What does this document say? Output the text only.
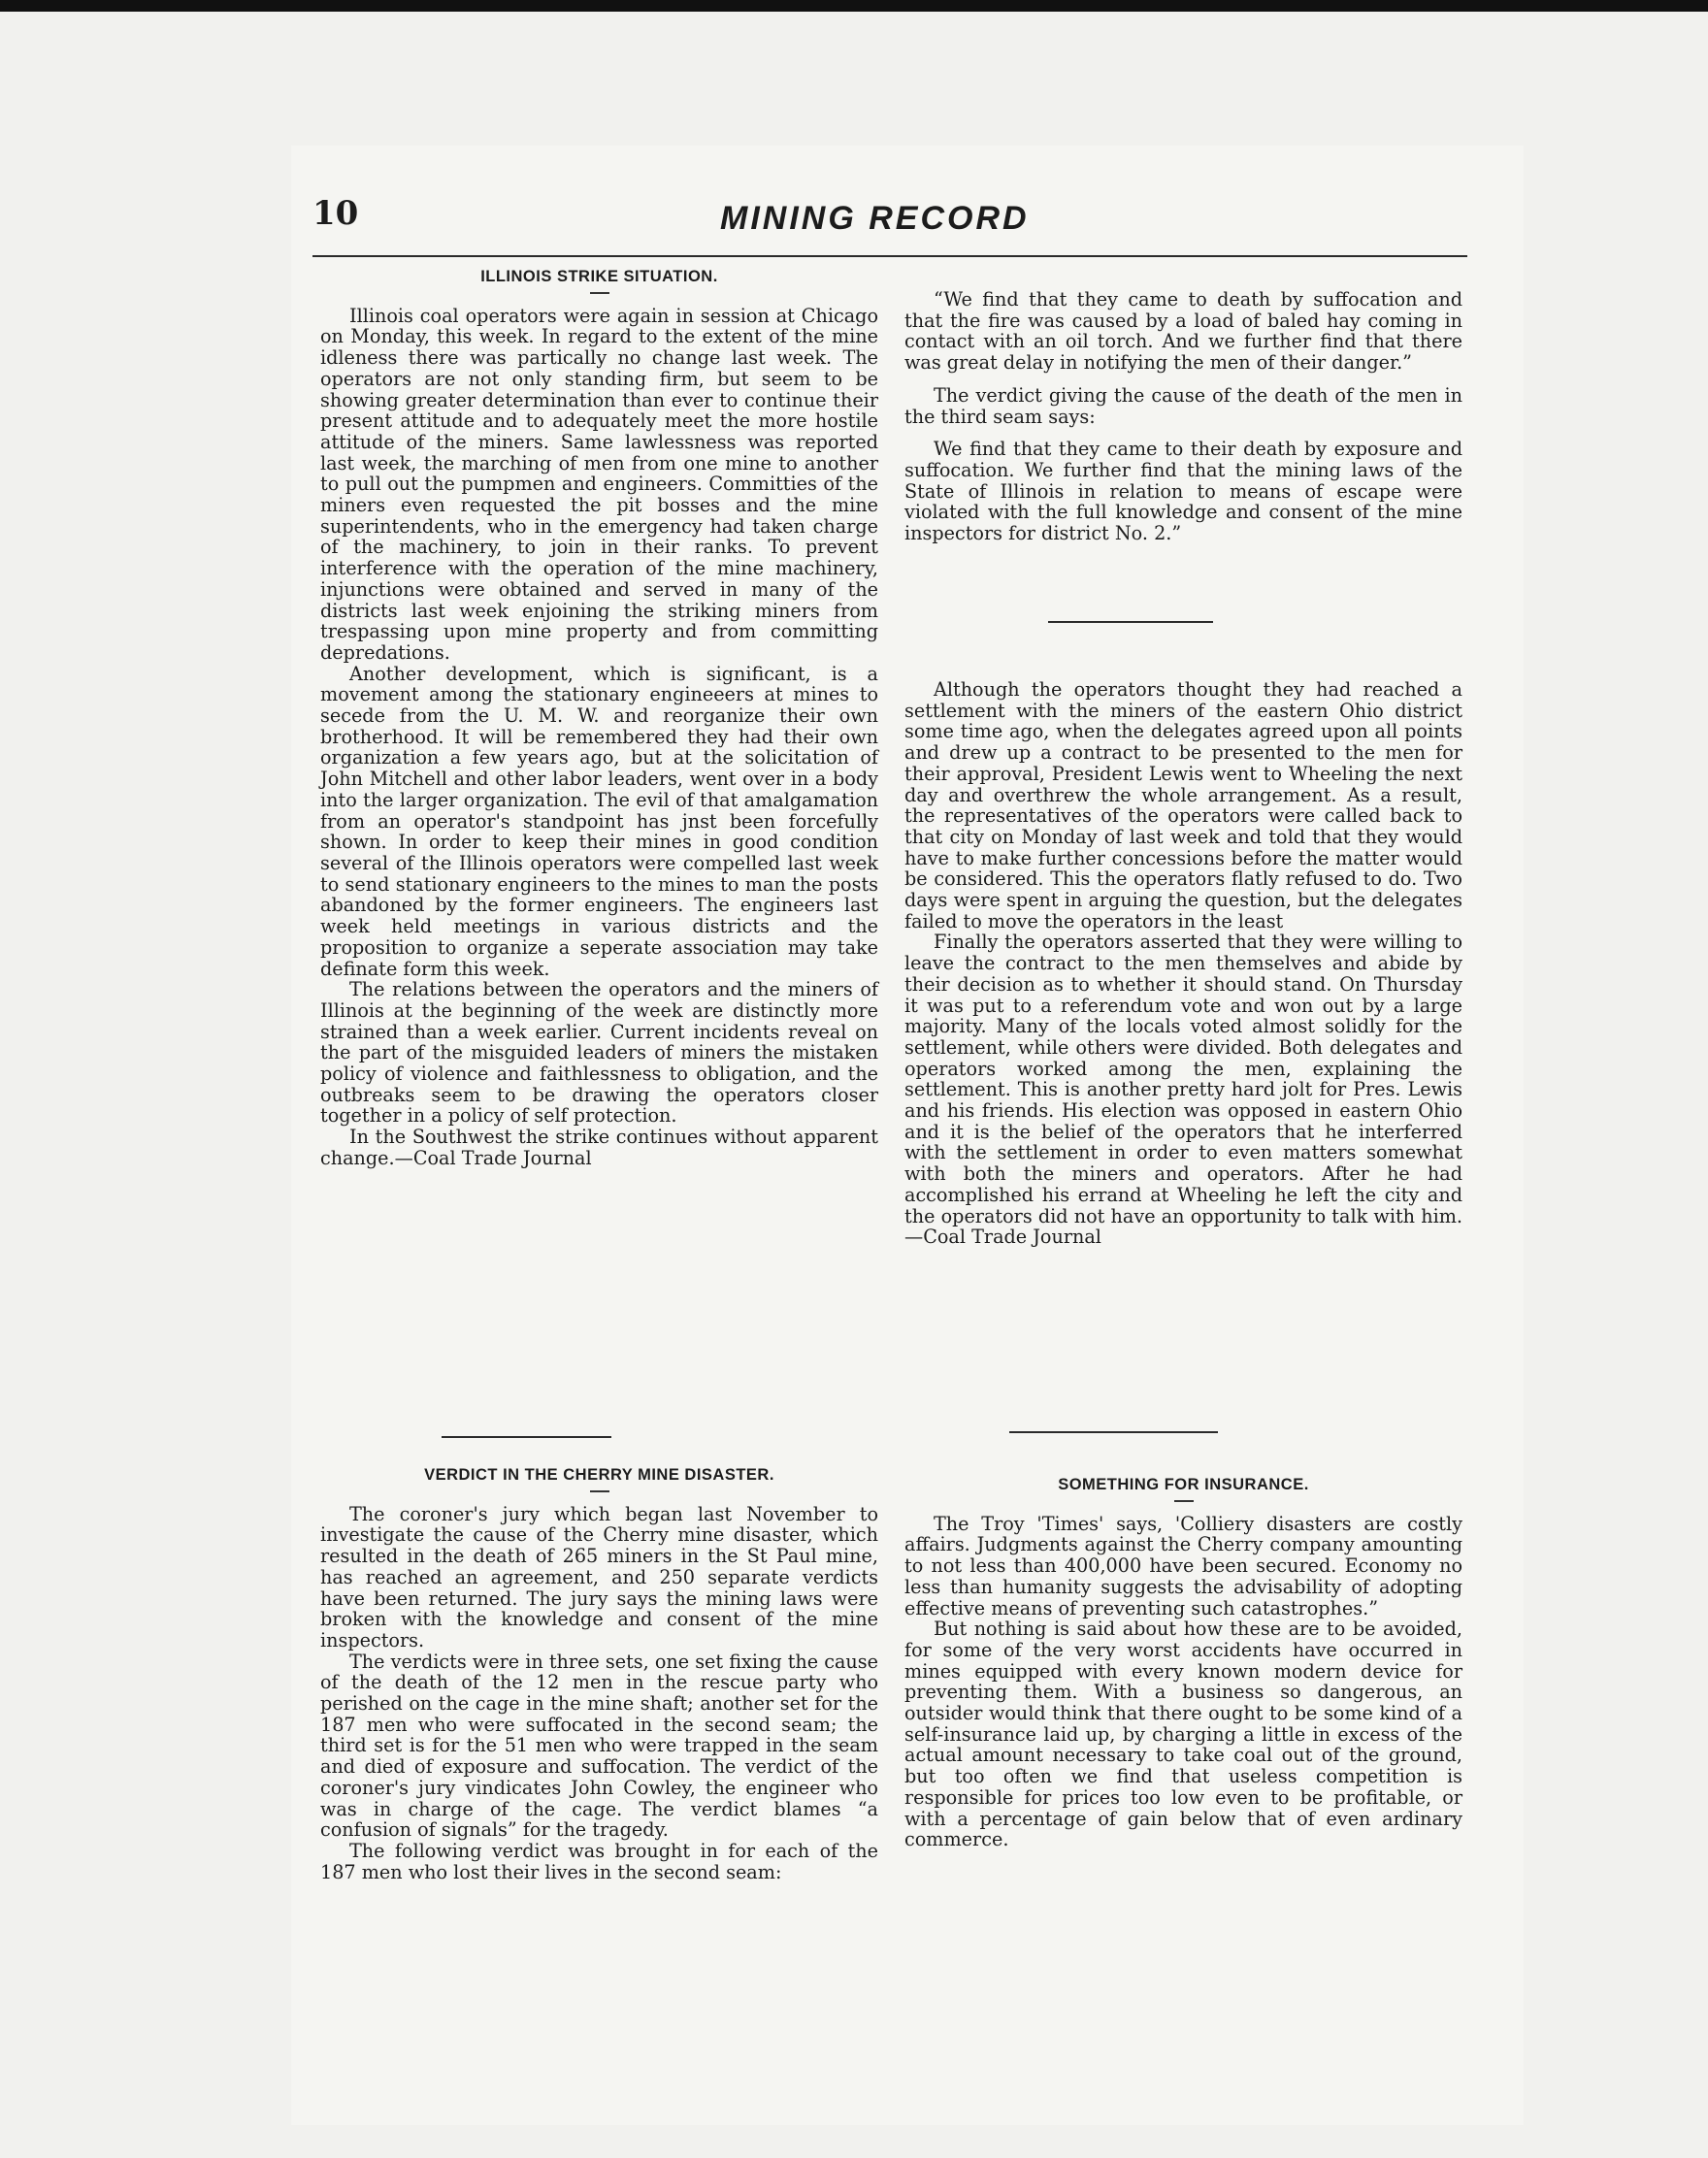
10	MINING RECORD
ILLINOIS STRIKE SITUATION.

Illinois coal operators were again in session at Chicago on Monday, this week. In regard to the extent of the mine idleness there was partically no change last week. The operators are not only standing firm, but seem to be showing greater determination than ever to continue their present attitude and to adequately meet the more hostile attitude of the miners. Same lawlessness was reported last week, the marching of men from one mine to another to pull out the pumpmen and engineers. Committies of the miners even requested the pit bosses and the mine superintendents, who in the emergency had taken charge of the machinery, to join in their ranks. To prevent interference with the operation of the mine machinery, injunctions were obtained and served in many of the districts last week enjoining the striking miners from trespassing upon mine property and from committing depredations.

Another development, which is significant, is a movement among the stationary engineeers at mines to secede from the U. M. W. and reorganize their own brotherhood. It will be remembered they had their own organization a few years ago, but at the solicitation of John Mitchell and other labor leaders, went over in a body into the larger organization. The evil of that amalgamation from an operator's standpoint has jnst been forcefully shown. In order to keep their mines in good condition several of the Illinois operators were compelled last week to send stationary engineers to the mines to man the posts abandoned by the former engineers. The engineers last week held meetings in various districts and the proposition to organize a seperate association may take definate form this week.

The relations between the operators and the miners of Illinois at the beginning of the week are distinctly more strained than a week earlier. Current incidents reveal on the part of the misguided leaders of miners the mistaken policy of violence and faithlessness to obligation, and the outbreaks seem to be drawing the operators closer together in a policy of self protection.

In the Southwest the strike continues without apparent change.—Coal Trade Journal

“We find that they came to death by suffocation and that the fire was caused by a load of baled hay coming in contact with an oil torch. And we further find that there was great delay in notifying the men of their danger.”

The verdict giving the cause of the death of the men in the third seam says:

We find that they came to their death by exposure and suffocation. We further find that the mining laws of the State of Illinois in relation to means of escape were violated with the full knowledge and consent of the mine inspectors for district No. 2.”

Although the operators thought they had reached a settlement with the miners of the eastern Ohio district some time ago, when the delegates agreed upon all points and drew up a contract to be presented to the men for their approval, President Lewis went to Wheeling the next day and overthrew the whole arrangement. As a result, the representatives of the operators were called back to that city on Monday of last week and told that they would have to make further concessions before the matter would be considered. This the operators flatly refused to do. Two days were spent in arguing the question, but the delegates failed to move the operators in the least

Finally the operators asserted that they were willing to leave the contract to the men themselves and abide by their decision as to whether it should stand. On Thursday it was put to a referendum vote and won out by a large majority. Many of the locals voted almost solidly for the settlement, while others were divided. Both delegates and operators worked among the men, explaining the settlement. This is another pretty hard jolt for Pres. Lewis and his friends. His election was opposed in eastern Ohio and it is the belief of the operators that he interferred with the settlement in order to even matters somewhat with both the miners and operators. After he had accomplished his errand at Wheeling he left the city and the operators did not have an opportunity to talk with him.—Coal Trade Journal

VERDICT IN THE CHERRY MINE DISASTER.

The coroner's jury which began last November to investigate the cause of the Cherry mine disaster, which resulted in the death of 265 miners in the St Paul mine, has reached an agreement, and 250 separate verdicts have been returned. The jury says the mining laws were broken with the knowledge and consent of the mine inspectors.

The verdicts were in three sets, one set fixing the cause of the death of the 12 men in the rescue party who perished on the cage in the mine shaft; another set for the 187 men who were suffocated in the second seam; the third set is for the 51 men who were trapped in the seam and died of exposure and suffocation. The verdict of the coroner's jury vindicates John Cowley, the engineer who was in charge of the cage. The verdict blames “a confusion of signals” for the tragedy.

The following verdict was brought in for each of the 187 men who lost their lives in the second seam:

SOMETHING FOR INSURANCE.

The Troy 'Times' says, 'Colliery disasters are costly affairs. Judgments against the Cherry company amounting to not less than 400,000 have been secured. Economy no less than humanity suggests the advisability of adopting effective means of preventing such catastrophes.”

But nothing is said about how these are to be avoided, for some of the very worst accidents have occurred in mines equipped with every known modern device for preventing them. With a business so dangerous, an outsider would think that there ought to be some kind of a self-insurance laid up, by charging a little in excess of the actual amount necessary to take coal out of the ground, but too often we find that useless competition is responsible for prices too low even to be profitable, or with a percentage of gain below that of even ardinary commerce.
